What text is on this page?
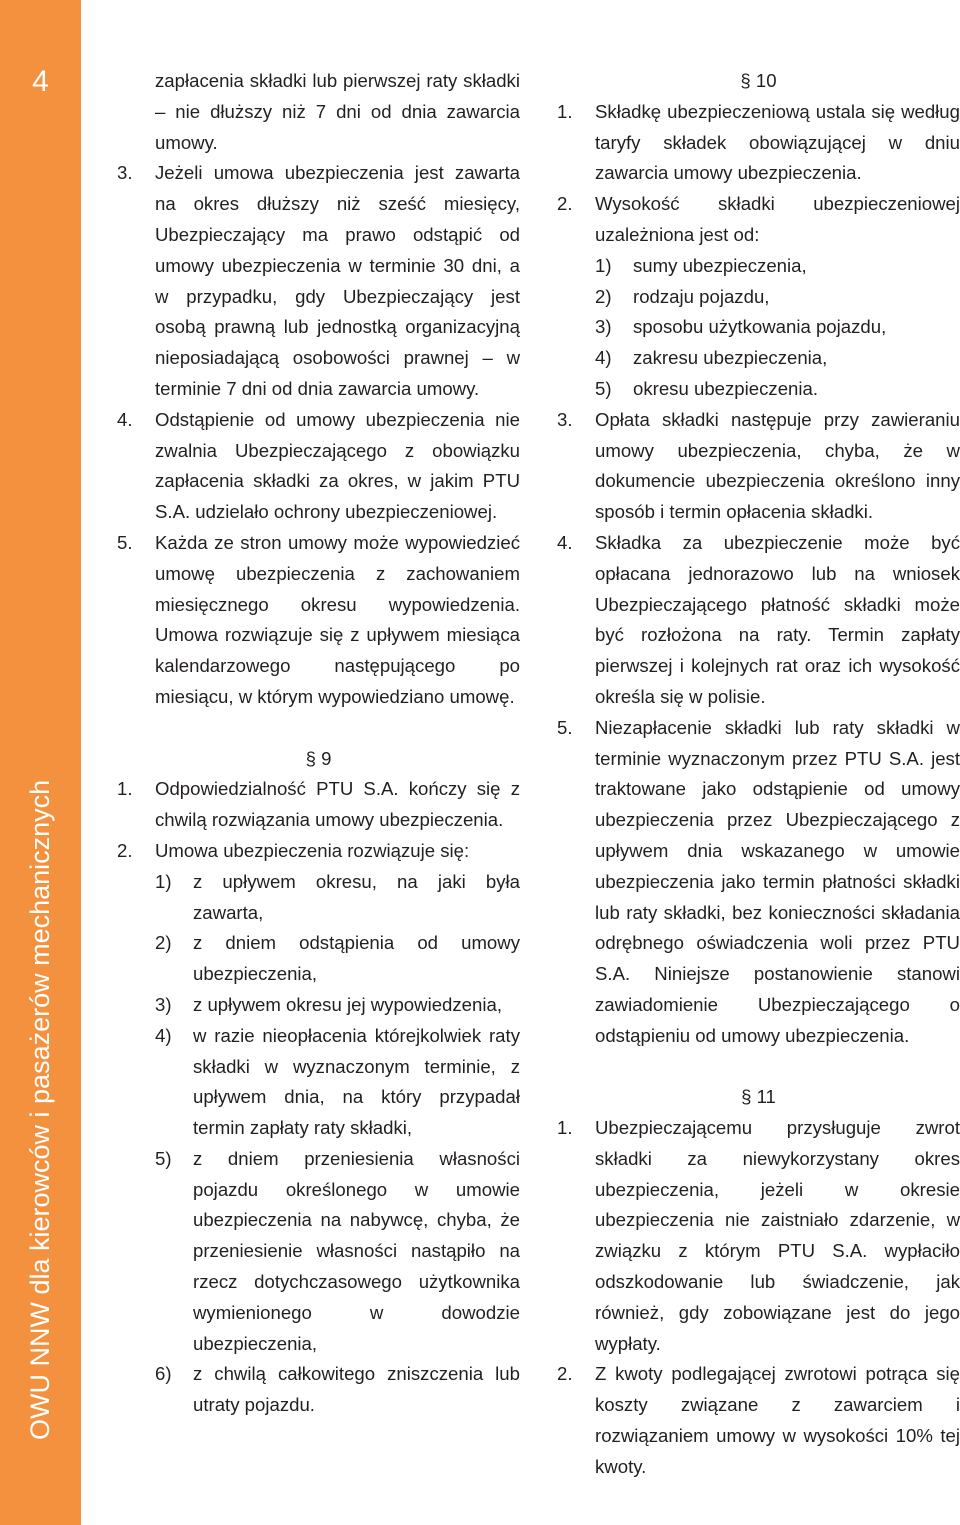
4
OWU NNW dla kierowców i pasażerów mechanicznych
zapłacenia składki lub pierwszej raty składki – nie dłuższy niż 7 dni od dnia zawarcia umowy.
3.	Jeżeli umowa ubezpieczenia jest zawarta na okres dłuższy niż sześć miesięcy, Ubezpieczający ma prawo odstąpić od umowy ubezpieczenia w terminie 30 dni, a w przypadku, gdy Ubezpieczający jest osobą prawną lub jednostką organizacyjną nieposiadającą osobowości prawnej – w terminie 7 dni od dnia zawarcia umowy.
4.	Odstąpienie od umowy ubezpieczenia nie zwalnia Ubezpieczającego z obowiązku zapłacenia składki za okres, w jakim PTU S.A. udzielało ochrony ubezpieczeniowej.
5.	Każda ze stron umowy może wypowiedzieć umowę ubezpieczenia z zachowaniem miesięcznego okresu wypowiedzenia. Umowa rozwiązuje się z upływem miesiąca kalendarzowego następującego po miesiącu, w którym wypowiedziano umowę.
§ 9
1.	Odpowiedzialność PTU S.A. kończy się z chwilą rozwiązania umowy ubezpieczenia.
2.	Umowa ubezpieczenia rozwiązuje się:
1)	z upływem okresu, na jaki była zawarta,
2)	z dniem odstąpienia od umowy ubezpieczenia,
3)	z upływem okresu jej wypowiedzenia,
4)	w razie nieopłacenia którejkolwiek raty składki w wyznaczonym terminie, z upływem dnia, na który przypadał termin zapłaty raty składki,
5)	z dniem przeniesienia własności pojazdu określonego w umowie ubezpieczenia na nabywcę, chyba, że przeniesienie własności nastąpiło na rzecz dotychczasowego użytkownika wymienionego w dowodzie ubezpieczenia,
6)	z chwilą całkowitego zniszczenia lub utraty pojazdu.
§ 10
1.	Składkę ubezpieczeniową ustala się według taryfy składek obowiązującej w dniu zawarcia umowy ubezpieczenia.
2.	Wysokość składki ubezpieczeniowej uzależniona jest od:
1)	sumy ubezpieczenia,
2)	rodzaju pojazdu,
3)	sposobu użytkowania pojazdu,
4)	zakresu ubezpieczenia,
5)	okresu ubezpieczenia.
3.	Opłata składki następuje przy zawieraniu umowy ubezpieczenia, chyba, że w dokumencie ubezpieczenia określono inny sposób i termin opłacenia składki.
4.	Składka za ubezpieczenie może być opłacana jednorazowo lub na wniosek Ubezpieczającego płatność składki może być rozłożona na raty. Termin zapłaty pierwszej i kolejnych rat oraz ich wysokość określa się w polisie.
5.	Niezapłacenie składki lub raty składki w terminie wyznaczonym przez PTU S.A. jest traktowane jako odstąpienie od umowy ubezpieczenia przez Ubezpieczającego z upływem dnia wskazanego w umowie ubezpieczenia jako termin płatności składki lub raty składki, bez konieczności składania odrębnego oświadczenia woli przez PTU S.A. Niniejsze postanowienie stanowi zawiadomienie Ubezpieczającego o odstąpieniu od umowy ubezpieczenia.
§ 11
1.	Ubezpieczającemu przysługuje zwrot składki za niewykorzystany okres ubezpieczenia, jeżeli w okresie ubezpieczenia nie zaistniało zdarzenie, w związku z którym PTU S.A. wypłaciło odszkodowanie lub świadczenie, jak również, gdy zobowiązane jest do jego wypłaty.
2.	Z kwoty podlegającej zwrotowi potrąca się koszty związane z zawarciem i rozwiązaniem umowy w wysokości 10% tej kwoty.
